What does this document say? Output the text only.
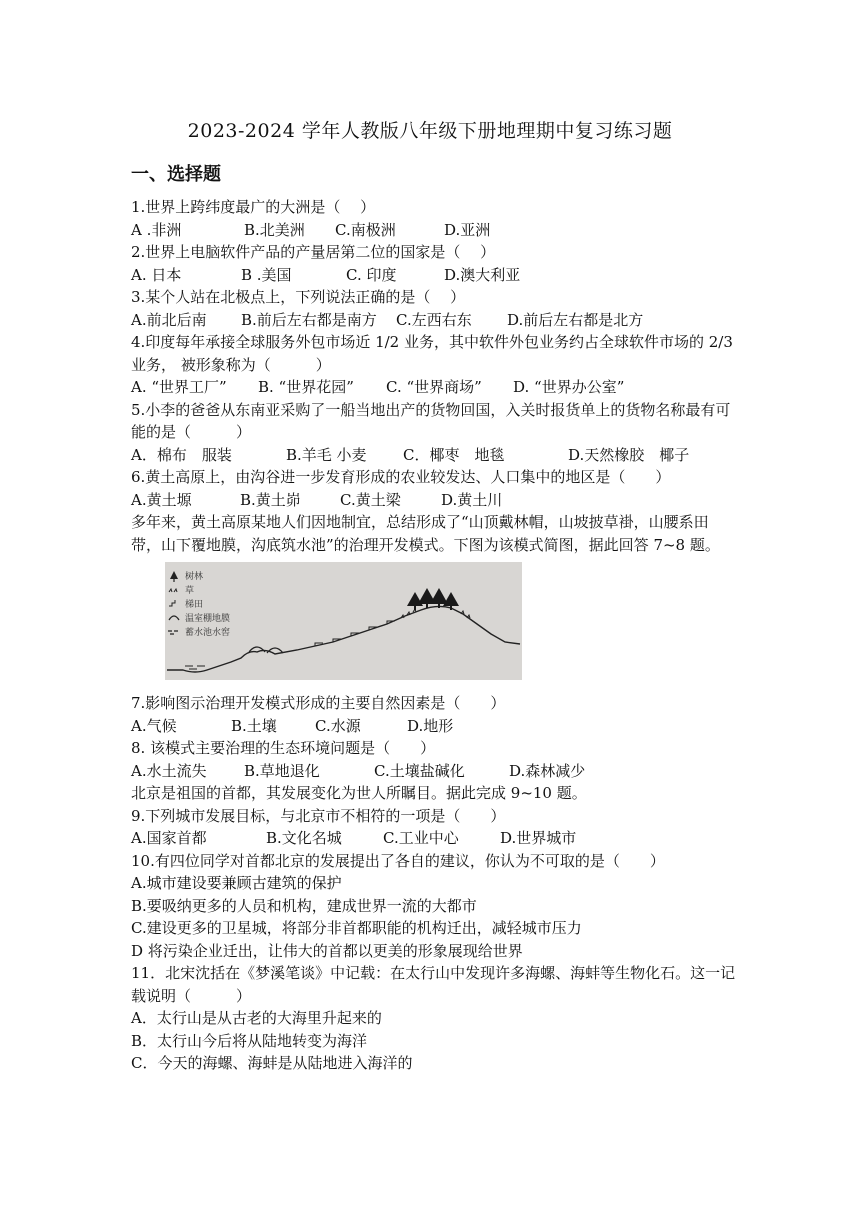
2023-2024 学年人教版八年级下册地理期中复习练习题
一、选择题
1.世界上跨纬度最广的大洲是（　 ）
A .非洲	B.北美洲	C.南极洲	D.亚洲
2.世界上电脑软件产品的产量居第二位的国家是（　 ）
A. 日本	B .美国	C. 印度	D.澳大利亚
3.某个人站在北极点上，下列说法正确的是（　 ）
A.前北后南	B.前后左右都是南方	C.左西右东	D.前后左右都是北方
4.印度每年承接全球服务外包市场近 1/2 业务，其中软件外包业务约占全球软件市场的 2/3 业务， 被形象称为（　　　）
A. “世界工厂”	B. “世界花园”	C. “世界商场”	D. “世界办公室”
5.小李的爸爸从东南亚采购了一船当地出产的货物回国，入关时报货单上的货物名称最有可能的是（　　　）
A．棉布　服装	B.羊毛 小麦	C．椰枣　地毯	D.天然橡胶　椰子
6.黄土高原上，由沟谷进一步发育形成的农业较发达、人口集中的地区是（　　）
A.黄土塬	B.黄土峁	C.黄土梁	D.黄土川
多年来，黄土高原某地人们因地制宜，总结形成了“山顶戴林帽，山坡披草褂，山腰系田带，山下覆地膜，沟底筑水池”的治理开发模式。下图为该模式简图，据此回答 7~8 题。
树林
草
梯田
温室棚地膜
蓄水池水窖
7.影响图示治理开发模式形成的主要自然因素是（　　）
A.气候	B.土壤	C.水源	D.地形
8. 该模式主要治理的生态环境问题是（　　）
A.水土流失	B.草地退化	C.土壤盐碱化	D.森林减少
北京是祖国的首都，其发展变化为世人所瞩目。据此完成 9~10 题。
9.下列城市发展目标，与北京市不相符的一项是（　　）
A.国家首都	B.文化名城	C.工业中心	D.世界城市
10.有四位同学对首都北京的发展提出了各自的建议，你认为不可取的是（　　）
A.城市建设要兼顾古建筑的保护
B.要吸纳更多的人员和机构，建成世界一流的大都市
C.建设更多的卫星城，将部分非首都职能的机构迁出，减轻城市压力
D 将污染企业迁出，让伟大的首都以更美的形象展现给世界
11．北宋沈括在《梦溪笔谈》中记载：在太行山中发现许多海螺、海蚌等生物化石。这一记载说明（　　　）
A．太行山是从古老的大海里升起来的
B．太行山今后将从陆地转变为海洋
C．今天的海螺、海蚌是从陆地进入海洋的
